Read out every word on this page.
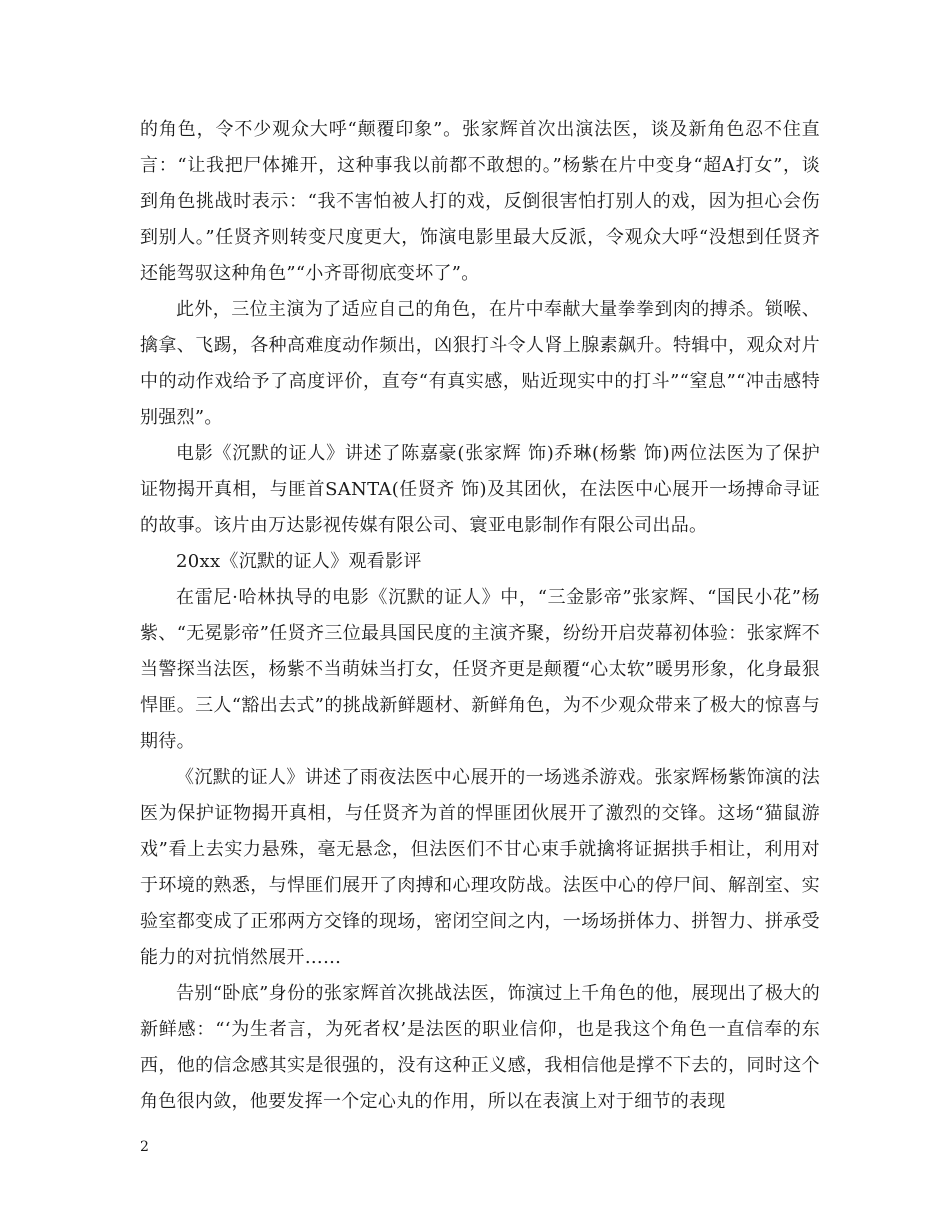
的角色，令不少观众大呼“颠覆印象”。张家辉首次出演法医，谈及新角色忍不住直言：“让我把尸体摊开，这种事我以前都不敢想的。”杨紫在片中变身“超A打女”，谈到角色挑战时表示：“我不害怕被人打的戏，反倒很害怕打别人的戏，因为担心会伤到别人。”任贤齐则转变尺度更大，饰演电影里最大反派，令观众大呼“没想到任贤齐还能驾驭这种角色”“小齐哥彻底变坏了”。

此外，三位主演为了适应自己的角色，在片中奉献大量拳拳到肉的搏杀。锁喉、擒拿、飞踢，各种高难度动作频出，凶狠打斗令人肾上腺素飙升。特辑中，观众对片中的动作戏给予了高度评价，直夸“有真实感，贴近现实中的打斗”“窒息”“冲击感特别强烈”。

电影《沉默的证人》讲述了陈嘉豪(张家辉 饰)乔琳(杨紫 饰)两位法医为了保护证物揭开真相，与匪首SANTA(任贤齐 饰)及其团伙，在法医中心展开一场搏命寻证的故事。该片由万达影视传媒有限公司、寰亚电影制作有限公司出品。

20xx《沉默的证人》观看影评

在雷尼·哈林执导的电影《沉默的证人》中，“三金影帝”张家辉、“国民小花”杨紫、“无冕影帝”任贤齐三位最具国民度的主演齐聚，纷纷开启荧幕初体验：张家辉不当警探当法医，杨紫不当萌妹当打女，任贤齐更是颠覆“心太软”暖男形象，化身最狠悍匪。三人“豁出去式”的挑战新鲜题材、新鲜角色，为不少观众带来了极大的惊喜与期待。

《沉默的证人》讲述了雨夜法医中心展开的一场逃杀游戏。张家辉杨紫饰演的法医为保护证物揭开真相，与任贤齐为首的悍匪团伙展开了激烈的交锋。这场“猫鼠游戏”看上去实力悬殊，毫无悬念，但法医们不甘心束手就擒将证据拱手相让，利用对于环境的熟悉，与悍匪们展开了肉搏和心理攻防战。法医中心的停尸间、解剖室、实验室都变成了正邪两方交锋的现场，密闭空间之内，一场场拼体力、拼智力、拼承受能力的对抗悄然展开……

告别“卧底”身份的张家辉首次挑战法医，饰演过上千角色的他，展现出了极大的新鲜感：“‘为生者言，为死者权’是法医的职业信仰，也是我这个角色一直信奉的东西，他的信念感其实是很强的，没有这种正义感，我相信他是撑不下去的，同时这个角色很内敛，他要发挥一个定心丸的作用，所以在表演上对于细节的表现

2
